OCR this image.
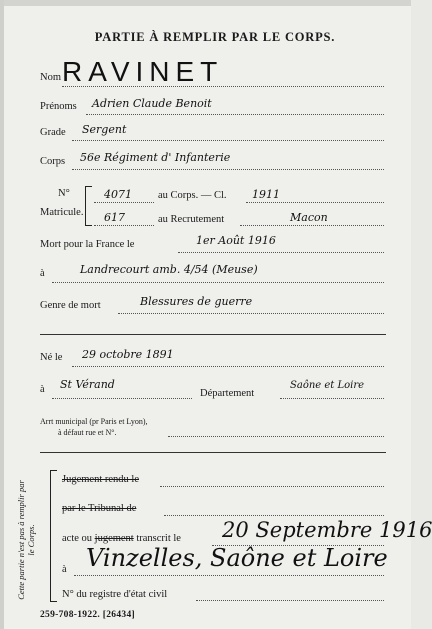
PARTIE À REMPLIR PAR LE CORPS.
Nom RAVINET
Prénoms Adrien Claude Benoit
Grade Sergent
Corps 56e Régiment d' Infanterie
N°
Matricule.
4071 au Corps. — Cl. 1911
617	au Recrutement	Macon
Mort pour la France le	1er Août 1916
à	Landrecourt amb. 4/54 (Meuse)
Genre de mort	Blessures de guerre
Né le 29 octobre 1891
à St Vérand
Département
Saône et Loire
Arrt municipal (pr Paris et Lyon),
à défaut rue et N°.
Cette partie n'est pas à remplir par le Corps.
Jugement rendu le
par le Tribunal de
acte ou jugement transcrit le 20 Septembre 1916
à Vinzelles, Saône et Loire
N° du registre d'état civil
259-708-1922. [26434]
